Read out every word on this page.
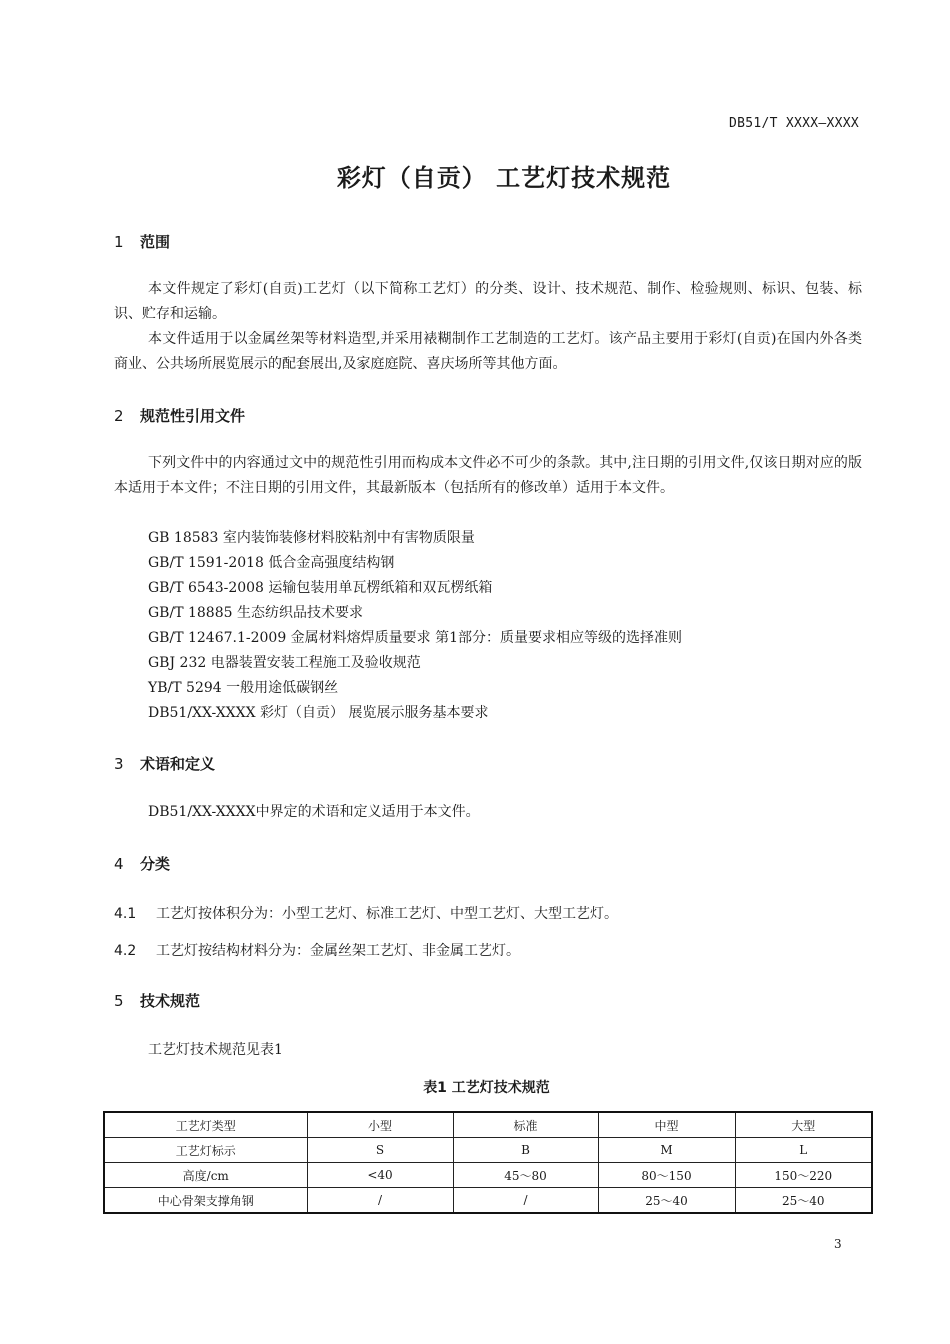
DB51/T XXXX—XXXX
彩灯（自贡） 工艺灯技术规范
1 范围

本文件规定了彩灯(自贡)工艺灯（以下简称工艺灯）的分类、设计、技术规范、制作、检验规则、标识、包装、标识、贮存和运输。

本文件适用于以金属丝架等材料造型,并采用裱糊制作工艺制造的工艺灯。该产品主要用于彩灯(自贡)在国内外各类商业、公共场所展览展示的配套展出,及家庭庭院、喜庆场所等其他方面。

2 规范性引用文件

下列文件中的内容通过文中的规范性引用而构成本文件必不可少的条款。其中,注日期的引用文件,仅该日期对应的版本适用于本文件；不注日期的引用文件，其最新版本（包括所有的修改单）适用于本文件。

GB 18583 室内装饰装修材料胶粘剂中有害物质限量
GB/T 1591-2018 低合金高强度结构钢
GB/T 6543-2008 运输包装用单瓦楞纸箱和双瓦楞纸箱
GB/T 18885 生态纺织品技术要求
GB/T 12467.1-2009 金属材料熔焊质量要求 第1部分：质量要求相应等级的选择准则
GBJ 232 电器装置安装工程施工及验收规范
YB/T 5294 一般用途低碳钢丝
DB51/XX-XXXX 彩灯（自贡） 展览展示服务基本要求
3 术语和定义

DB51/XX-XXXX中界定的术语和定义适用于本文件。

4 分类
4.1 工艺灯按体积分为：小型工艺灯、标准工艺灯、中型工艺灯、大型工艺灯。
4.2 工艺灯按结构材料分为：金属丝架工艺灯、非金属工艺灯。
5 技术规范

工艺灯技术规范见表1

表1 工艺灯技术规范
工艺灯类型	小型	标准	中型	大型
工艺灯标示	S	B	M	L
高度/cm	<40	45～80	80～150	150～220
中心骨架支撑角钢	/	/	25～40	25～40
3
